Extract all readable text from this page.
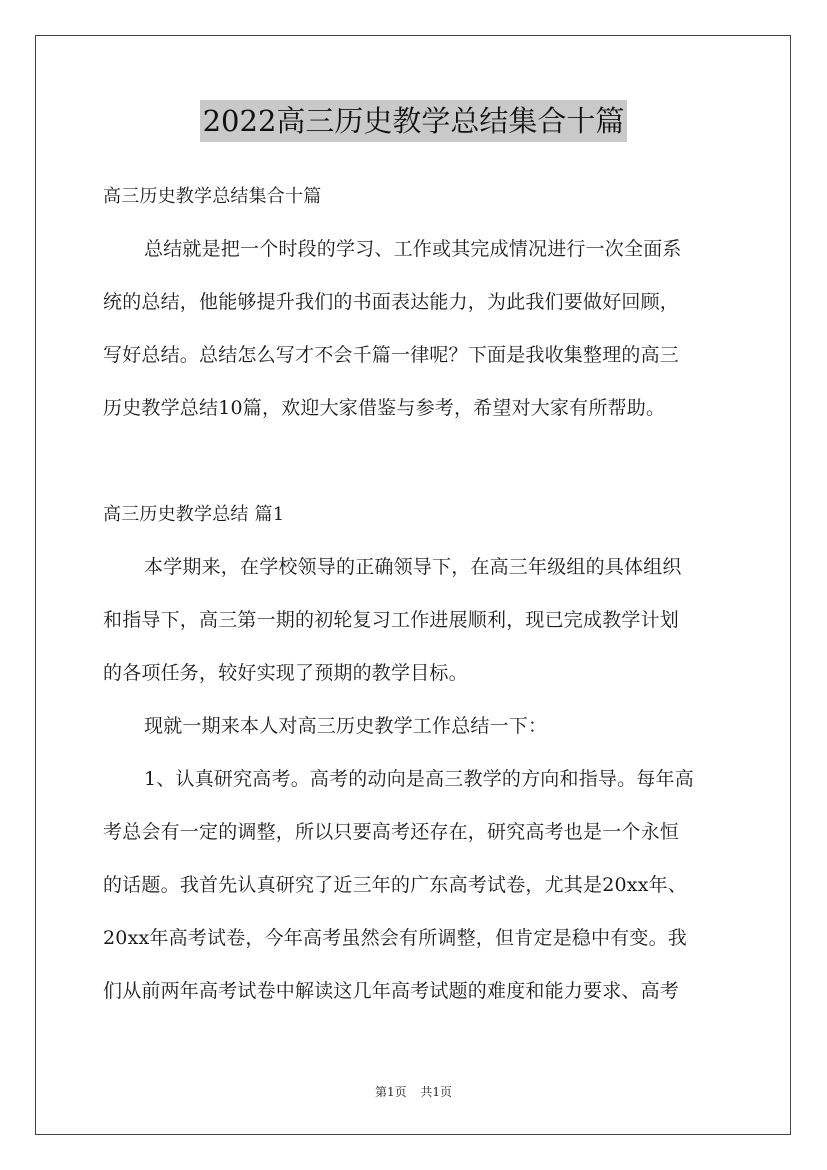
2022高三历史教学总结集合十篇
高三历史教学总结集合十篇
总结就是把一个时段的学习、工作或其完成情况进行一次全面系
统的总结，他能够提升我们的书面表达能力，为此我们要做好回顾，
写好总结。总结怎么写才不会千篇一律呢？下面是我收集整理的高三
历史教学总结10篇，欢迎大家借鉴与参考，希望对大家有所帮助。
高三历史教学总结 篇1
本学期来，在学校领导的正确领导下，在高三年级组的具体组织
和指导下，高三第一期的初轮复习工作进展顺利，现已完成教学计划
的各项任务，较好实现了预期的教学目标。
现就一期来本人对高三历史教学工作总结一下：
1、认真研究高考。高考的动向是高三教学的方向和指导。每年高
考总会有一定的调整，所以只要高考还存在，研究高考也是一个永恒
的话题。我首先认真研究了近三年的广东高考试卷，尤其是20xx年、
20xx年高考试卷，今年高考虽然会有所调整，但肯定是稳中有变。我
们从前两年高考试卷中解读这几年高考试题的难度和能力要求、高考
第1页 共1页
